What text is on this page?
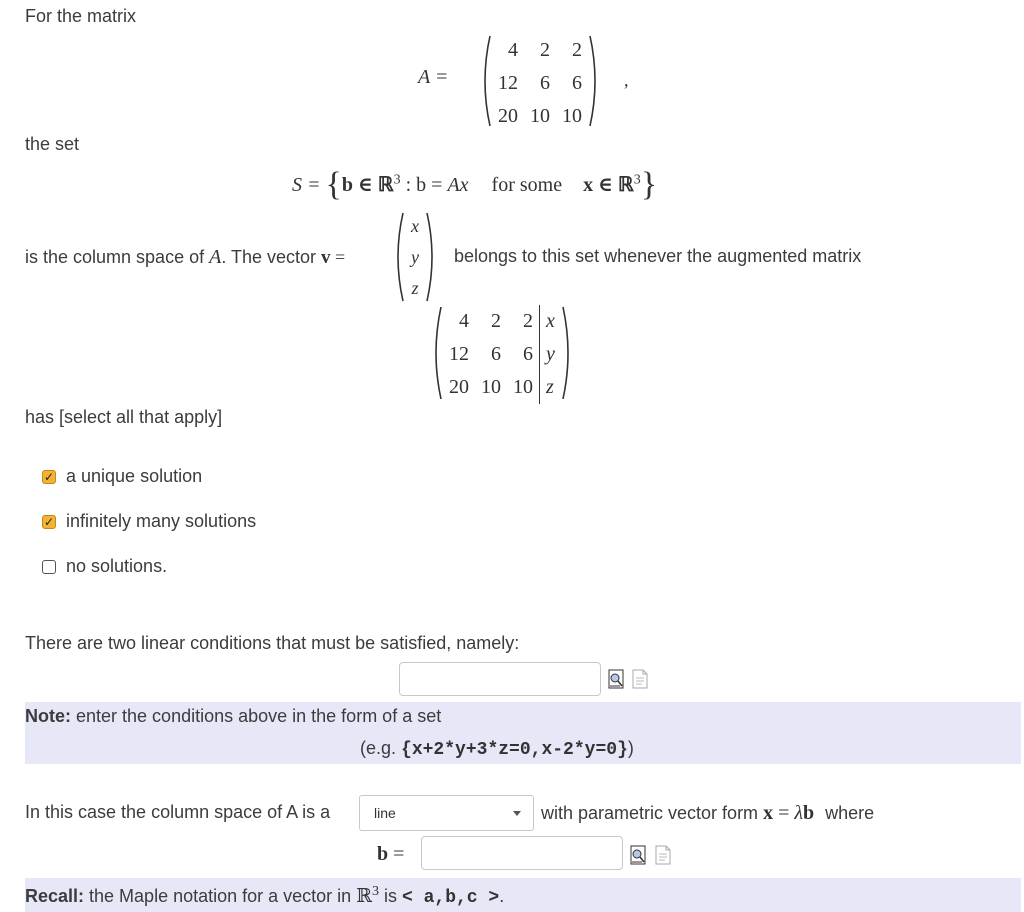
For the matrix
A =
4	2	2
12	6	6
20	10	10
,
the set
S = {b ∈ ℝ$^3$ : b = Ax for some x ∈ ℝ$^3$}
is the column space of A. The vector v =
x
y
z
belongs to this set whenever the augmented matrix
4	2	2	x
12	6	6	y
20	10	10	z
has [select all that apply]
✓ a unique solution
✓ infinitely many solutions
no solutions.
There are two linear conditions that must be satisfied, namely:
Note: enter the conditions above in the form of a set
(e.g. {x+2*y+3*z=0,x-2*y=0})
In this case the column space of A is a	line	with parametric vector form x = λb where
b =
Recall: the Maple notation for a vector in ℝ$^3$ is < a,b,c >.
